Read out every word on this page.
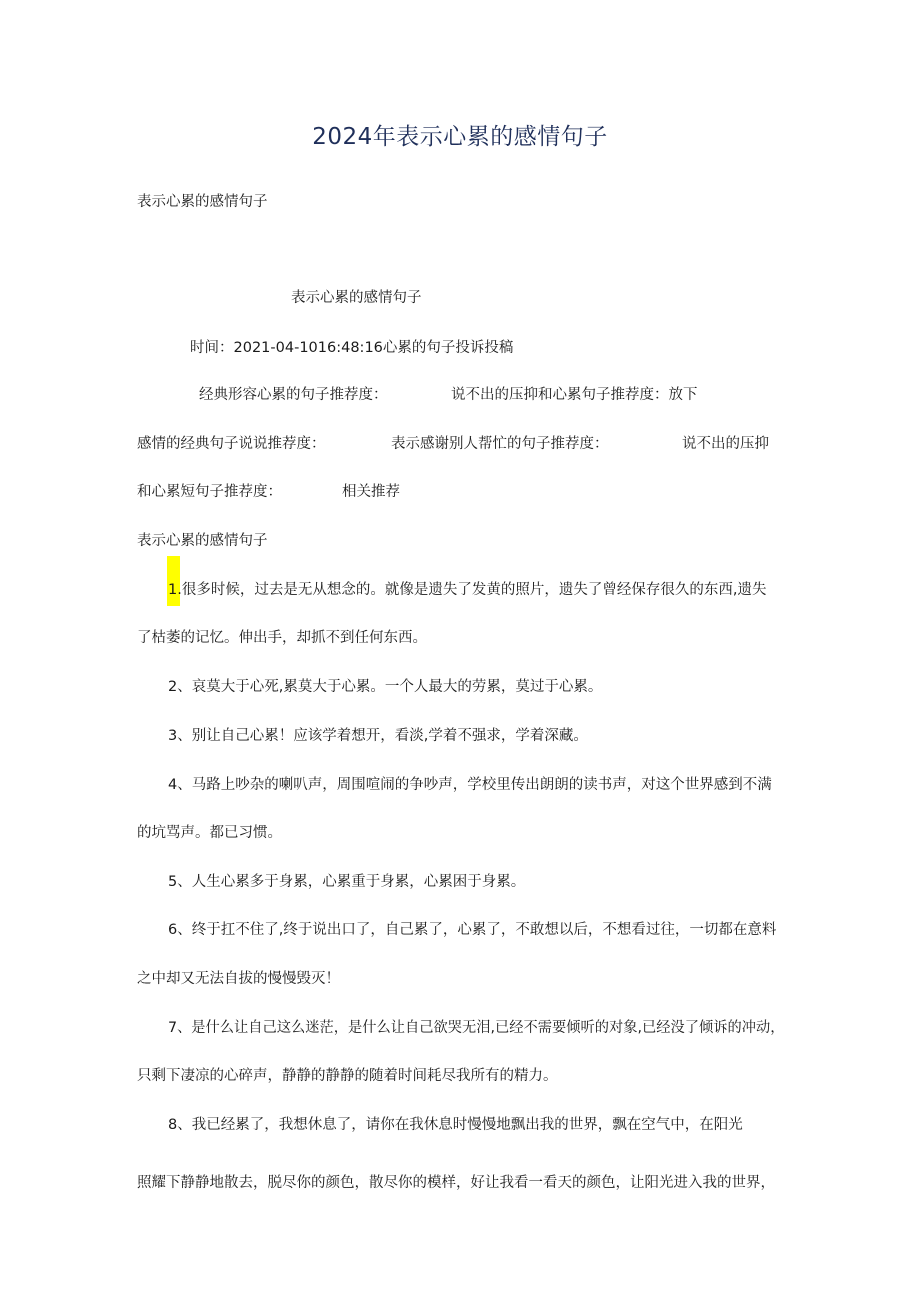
2024年表示心累的感情句子
表示心累的感情句子
表示心累的感情句子
时间：2021-04-1016:48:16心累的句子投诉投稿
经典形容心累的句子推荐度：	说不出的压抑和心累句子推荐度：放下
感情的经典句子说说推荐度：	表示感谢别人帮忙的句子推荐度：	说不出的压抑
和心累短句子推荐度：	相关推荐
表示心累的感情句子
1.很多时候，过去是无从想念的。就像是遗失了发黄的照片，遗失了曾经保存很久的东西,遗失
了枯萎的记忆。伸出手，却抓不到任何东西。
2、哀莫大于心死,累莫大于心累。一个人最大的劳累，莫过于心累。
3、别让自己心累！应该学着想开，看淡,学着不强求，学着深藏。
4、马路上吵杂的喇叭声，周围喧闹的争吵声，学校里传出朗朗的读书声，对这个世界感到不满
的坑骂声。都已习惯。
5、人生心累多于身累，心累重于身累，心累困于身累。
6、终于扛不住了,终于说出口了，自己累了，心累了，不敢想以后，不想看过往，一切都在意料
之中却又无法自拔的慢慢毁灭！
7、是什么让自己这么迷茫，是什么让自己欲哭无泪,已经不需要倾听的对象,已经没了倾诉的冲动，
只剩下凄凉的心碎声，静静的静静的随着时间耗尽我所有的精力。
8、我已经累了，我想休息了，请你在我休息时慢慢地飘出我的世界，飘在空气中，在阳光
照耀下静静地散去，脱尽你的颜色，散尽你的模样，好让我看一看天的颜色，让阳光进入我的世界，
